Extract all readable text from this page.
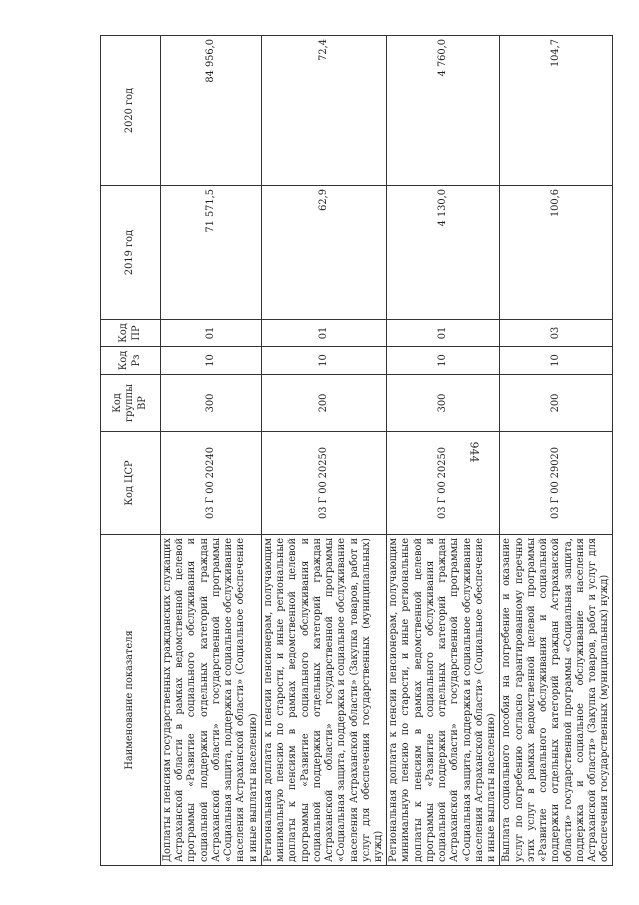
944
Наименование показателя	Код ЦСР	Код группы ВР	Код Рз	Код ПР	2019 год	2020 год
Доплаты к пенсиям государственных гражданских служащих Астраханской области в рамках ведомственной целевой программы «Развитие социального обслуживания и социальной поддержки отдельных категорий граждан Астраханской области» государственной программы «Социальная защита, поддержка и социальное обслуживание населения Астраханской области» (Социальное обеспечение и иные выплаты населению)	03 Г 00 20240	300	10	01	71 571,5	84 956,0
Региональная доплата к пенсии пенсионерам, получающим минимальную пенсию по старости, и иные региональные доплаты к пенсиям в рамках ведомственной целевой программы «Развитие социального обслуживания и социальной поддержки отдельных категорий граждан Астраханской области» государственной программы «Социальная защита, поддержка и социальное обслуживание населения Астраханской области» (Закупка товаров, работ и услуг для обеспечения государственных (муниципальных) нужд)	03 Г 00 20250	200	10	01	62,9	72,4
Региональная доплата к пенсии пенсионерам, получающим минимальную пенсию по старости, и иные региональные доплаты к пенсиям в рамках ведомственной целевой программы «Развитие социального обслуживания и социальной поддержки отдельных категорий граждан Астраханской области» государственной программы «Социальная защита, поддержка и социальное обслуживание населения Астраханской области» (Социальное обеспечение и иные выплаты населению)	03 Г 00 20250	300	10	01	4 130,0	4 760,0
Выплата социального пособия на погребение и оказание услуг по погребению согласно гарантированному перечню этих услуг в рамках ведомственной целевой программы «Развитие социального обслуживания и социальной поддержки отдельных категорий граждан Астраханской области» государственной программы «Социальная защита, поддержка и социальное обслуживание населения Астраханской области» (Закупка товаров, работ и услуг для обеспечения государственных (муниципальных) нужд)	03 Г 00 29020	200	10	03	100,6	104,7
